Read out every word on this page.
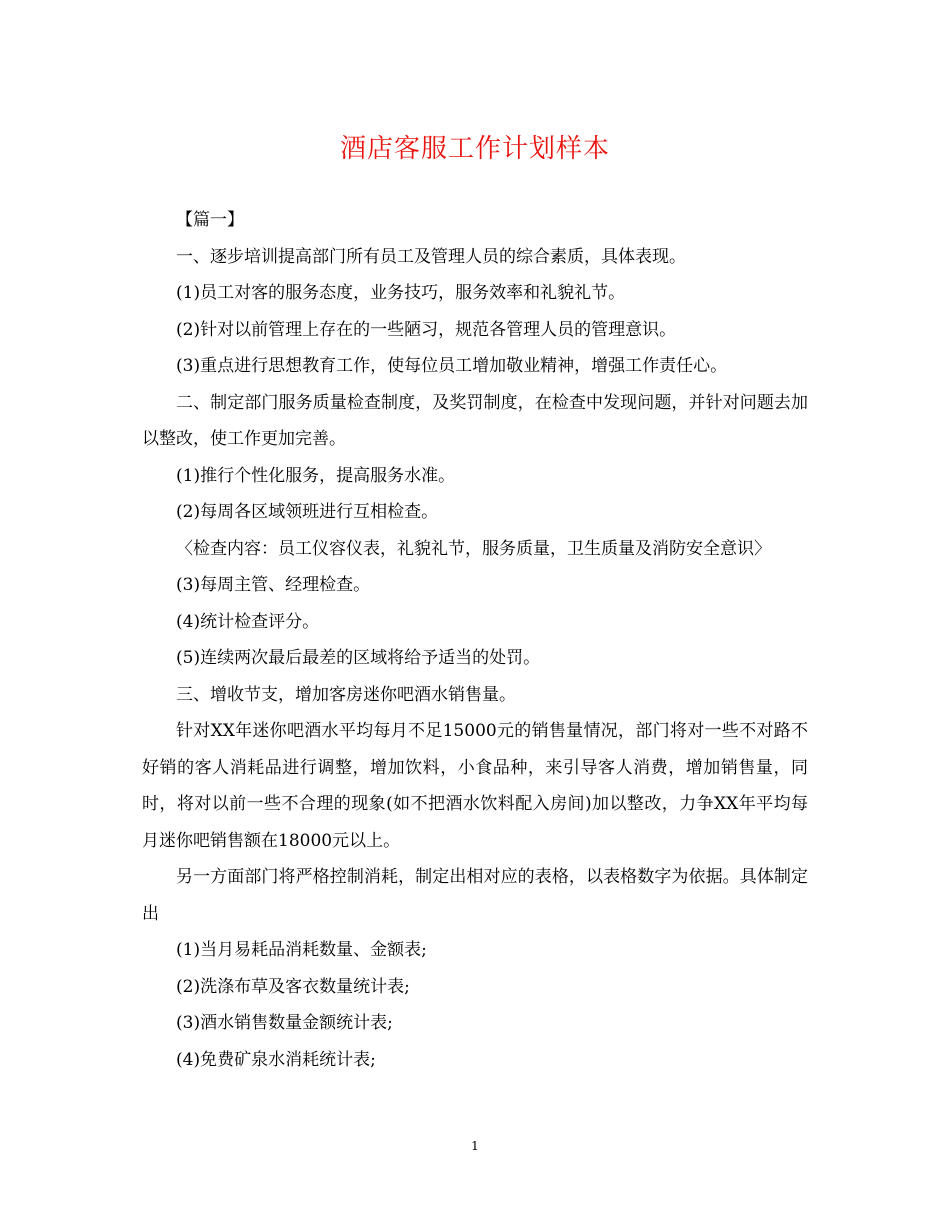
酒店客服工作计划样本

【篇一】

一、逐步培训提高部门所有员工及管理人员的综合素质，具体表现。

(1)员工对客的服务态度，业务技巧，服务效率和礼貌礼节。

(2)针对以前管理上存在的一些陋习，规范各管理人员的管理意识。

(3)重点进行思想教育工作，使每位员工增加敬业精神，增强工作责任心。

二、制定部门服务质量检查制度，及奖罚制度，在检查中发现问题，并针对问题去加以整改，使工作更加完善。

(1)推行个性化服务，提高服务水准。

(2)每周各区域领班进行互相检查。

〈检查内容：员工仪容仪表，礼貌礼节，服务质量，卫生质量及消防安全意识〉

(3)每周主管、经理检查。

(4)统计检查评分。

(5)连续两次最后最差的区域将给予适当的处罚。

三、增收节支，增加客房迷你吧酒水销售量。

针对XX年迷你吧酒水平均每月不足15000元的销售量情况，部门将对一些不对路不好销的客人消耗品进行调整，增加饮料，小食品种，来引导客人消费，增加销售量，同时，将对以前一些不合理的现象(如不把酒水饮料配入房间)加以整改，力争XX年平均每月迷你吧销售额在18000元以上。

另一方面部门将严格控制消耗，制定出相对应的表格，以表格数字为依据。具体制定出

(1)当月易耗品消耗数量、金额表;

(2)洗涤布草及客衣数量统计表;

(3)酒水销售数量金额统计表;

(4)免费矿泉水消耗统计表;

1
